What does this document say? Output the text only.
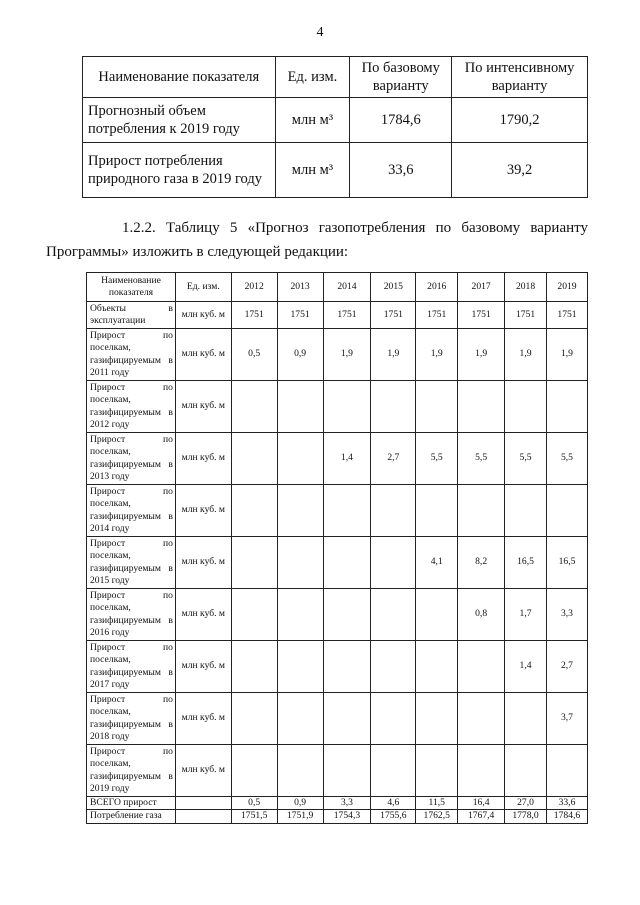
4
Наименование показателя	Ед. изм.	По базовому варианту	По интенсивному варианту
Прогнозный объем потребления к 2019 году	млн м³	1784,6	1790,2
Прирост потребления природного газа в 2019 году	млн м³	33,6	39,2
1.2.2. Таблицу 5 «Прогноз газопотребления по базовому варианту
Программы» изложить в следующей редакции:
Наименование показателя	Ед. изм.	2012	2013	2014	2015	2016	2017	2018	2019
Объекты в эксплуатации	млн куб. м	1751	1751	1751	1751	1751	1751	1751	1751
Прирост по поселкам, газифицируемым в 2011 году	млн куб. м	0,5	0,9	1,9	1,9	1,9	1,9	1,9	1,9
Прирост по поселкам, газифицируемым в 2012 году	млн куб. м								
Прирост по поселкам, газифицируемым в 2013 году	млн куб. м			1,4	2,7	5,5	5,5	5,5	5,5
Прирост по поселкам, газифицируемым в 2014 году	млн куб. м								
Прирост по поселкам, газифицируемым в 2015 году	млн куб. м					4,1	8,2	16,5	16,5
Прирост по поселкам, газифицируемым в 2016 году	млн куб. м						0,8	1,7	3,3
Прирост по поселкам, газифицируемым в 2017 году	млн куб. м							1,4	2,7
Прирост по поселкам, газифицируемым в 2018 году	млн куб. м								3,7
Прирост по поселкам, газифицируемым в 2019 году	млн куб. м								
ВСЕГО прирост		0,5	0,9	3,3	4,6	11,5	16,4	27,0	33,6
Потребление газа		1751,5	1751,9	1754,3	1755,6	1762,5	1767,4	1778,0	1784,6
